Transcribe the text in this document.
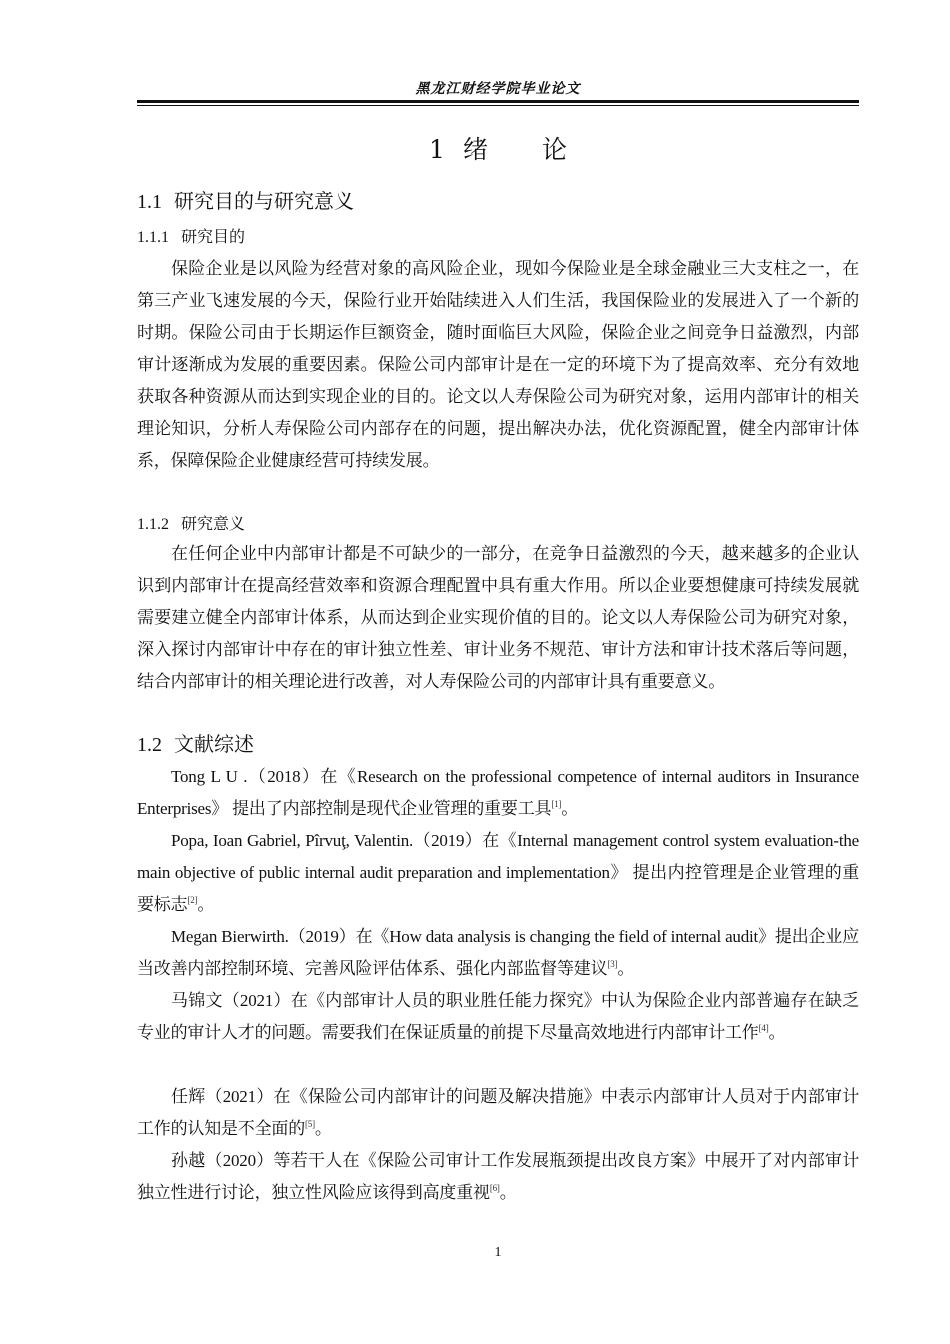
黑龙江财经学院毕业论文
1 绪 论
1.1 研究目的与研究意义
1.1.1 研究目的

保险企业是以风险为经营对象的高风险企业，现如今保险业是全球金融业三大支柱之一，在第三产业飞速发展的今天，保险行业开始陆续进入人们生活，我国保险业的发展进入了一个新的时期。保险公司由于长期运作巨额资金，随时面临巨大风险，保险企业之间竞争日益激烈，内部审计逐渐成为发展的重要因素。保险公司内部审计是在一定的环境下为了提高效率、充分有效地获取各种资源从而达到实现企业的目的。论文以人寿保险公司为研究对象，运用内部审计的相关理论知识，分析人寿保险公司内部存在的问题，提出解决办法，优化资源配置，健全内部审计体系，保障保险企业健康经营可持续发展。

1.1.2 研究意义

在任何企业中内部审计都是不可缺少的一部分，在竞争日益激烈的今天，越来越多的企业认识到内部审计在提高经营效率和资源合理配置中具有重大作用。所以企业要想健康可持续发展就需要建立健全内部审计体系，从而达到企业实现价值的目的。论文以人寿保险公司为研究对象，深入探讨内部审计中存在的审计独立性差、审计业务不规范、审计方法和审计技术落后等问题，结合内部审计的相关理论进行改善，对人寿保险公司的内部审计具有重要意义。

1.2 文献综述

Tong L U .（2018）在《Research on the professional competence of internal auditors in Insurance Enterprises》 提出了内部控制是现代企业管理的重要工具[1]。

Popa, Ioan Gabriel, Pîrvuţ, Valentin.（2019）在《Internal management control system evaluation-the main objective of public internal audit preparation and implementation》 提出内控管理是企业管理的重要标志[2]。

Megan Bierwirth.（2019）在《How data analysis is changing the field of internal audit》提出企业应当改善内部控制环境、完善风险评估体系、强化内部监督等建议[3]。

马锦文（2021）在《内部审计人员的职业胜任能力探究》中认为保险企业内部普遍存在缺乏专业的审计人才的问题。需要我们在保证质量的前提下尽量高效地进行内部审计工作[4]。

任辉（2021）在《保险公司内部审计的问题及解决措施》中表示内部审计人员对于内部审计工作的认知是不全面的[5]。

孙越（2020）等若干人在《保险公司审计工作发展瓶颈提出改良方案》中展开了对内部审计独立性进行讨论，独立性风险应该得到高度重视[6]。

1
